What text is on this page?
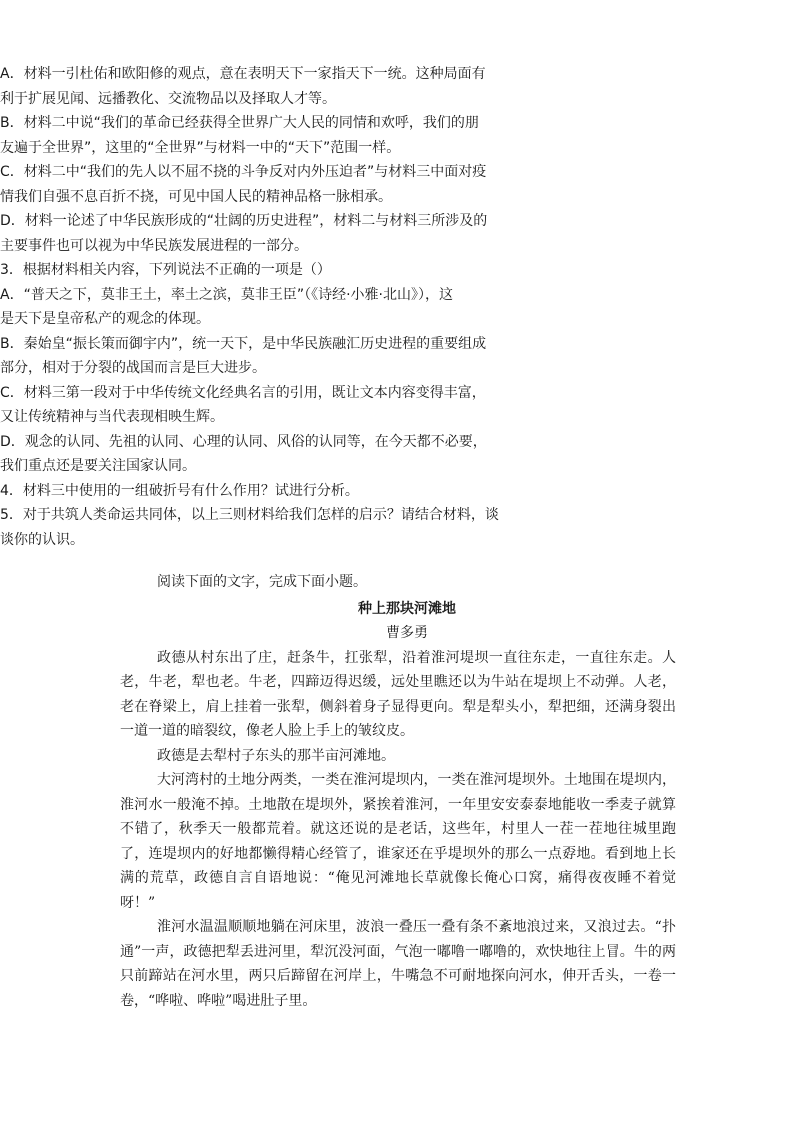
A．材料一引杜佑和欧阳修的观点，意在表明天下一家指天下一统。这种局面有

利于扩展见闻、远播教化、交流物品以及择取人才等。

B．材料二中说“我们的革命已经获得全世界广大人民的同情和欢呼，我们的朋

友遍于全世界”，这里的“全世界”与材料一中的“天下”范围一样。

C．材料二中“我们的先人以不屈不挠的斗争反对内外压迫者”与材料三中面对疫

情我们自强不息百折不挠，可见中国人民的精神品格一脉相承。

D．材料一论述了中华民族形成的“壮阔的历史进程”，材料二与材料三所涉及的

主要事件也可以视为中华民族发展进程的一部分。

3．根据材料相关内容，下列说法不正确的一项是（）

A．“普天之下，莫非王土，率土之滨，莫非王臣”（《诗经·小雅·北山》），这

是天下是皇帝私产的观念的体现。

B．秦始皇“振长策而御宇内”，统一天下，是中华民族融汇历史进程的重要组成

部分，相对于分裂的战国而言是巨大进步。

C．材料三第一段对于中华传统文化经典名言的引用，既让文本内容变得丰富，

又让传统精神与当代表现相映生辉。

D．观念的认同、先祖的认同、心理的认同、风俗的认同等，在今天都不必要，

我们重点还是要关注国家认同。

4．材料三中使用的一组破折号有什么作用？试进行分析。

5．对于共筑人类命运共同体，以上三则材料给我们怎样的启示？请结合材料，谈

谈你的认识。

阅读下面的文字，完成下面小题。

种上那块河滩地

曹多勇

政德从村东出了庄，赶条牛，扛张犁，沿着淮河堤坝一直往东走，一直往东走。人老，牛老，犁也老。牛老，四蹄迈得迟缓，远处里瞧还以为牛站在堤坝上不动弹。人老，老在脊梁上，肩上挂着一张犁，侧斜着身子显得更向。犁是犁头小，犁把细，还满身裂出一道一道的暗裂纹，像老人脸上手上的皱纹皮。

政德是去犁村子东头的那半亩河滩地。

大河湾村的土地分两类，一类在淮河堤坝内，一类在淮河堤坝外。土地围在堤坝内，淮河水一般淹不掉。土地散在堤坝外，紧挨着淮河，一年里安安泰泰地能收一季麦子就算不错了，秋季天一般都荒着。就这还说的是老话，这些年，村里人一茬一茬地往城里跑了，连堤坝内的好地都懒得精心经管了，谁家还在乎堤坝外的那么一点孬地。看到地上长满的荒草，政德自言自语地说：“俺见河滩地长草就像长俺心口窝，痛得夜夜睡不着觉呀！”

淮河水温温顺顺地躺在河床里，波浪一叠压一叠有条不紊地浪过来，又浪过去。“扑通”一声，政德把犁丢进河里，犁沉没河面，气泡一嘟噜一嘟噜的，欢快地往上冒。牛的两只前蹄站在河水里，两只后蹄留在河岸上，牛嘴急不可耐地探向河水，伸开舌头，一卷一卷，“哗啦、哗啦”喝进肚子里。
